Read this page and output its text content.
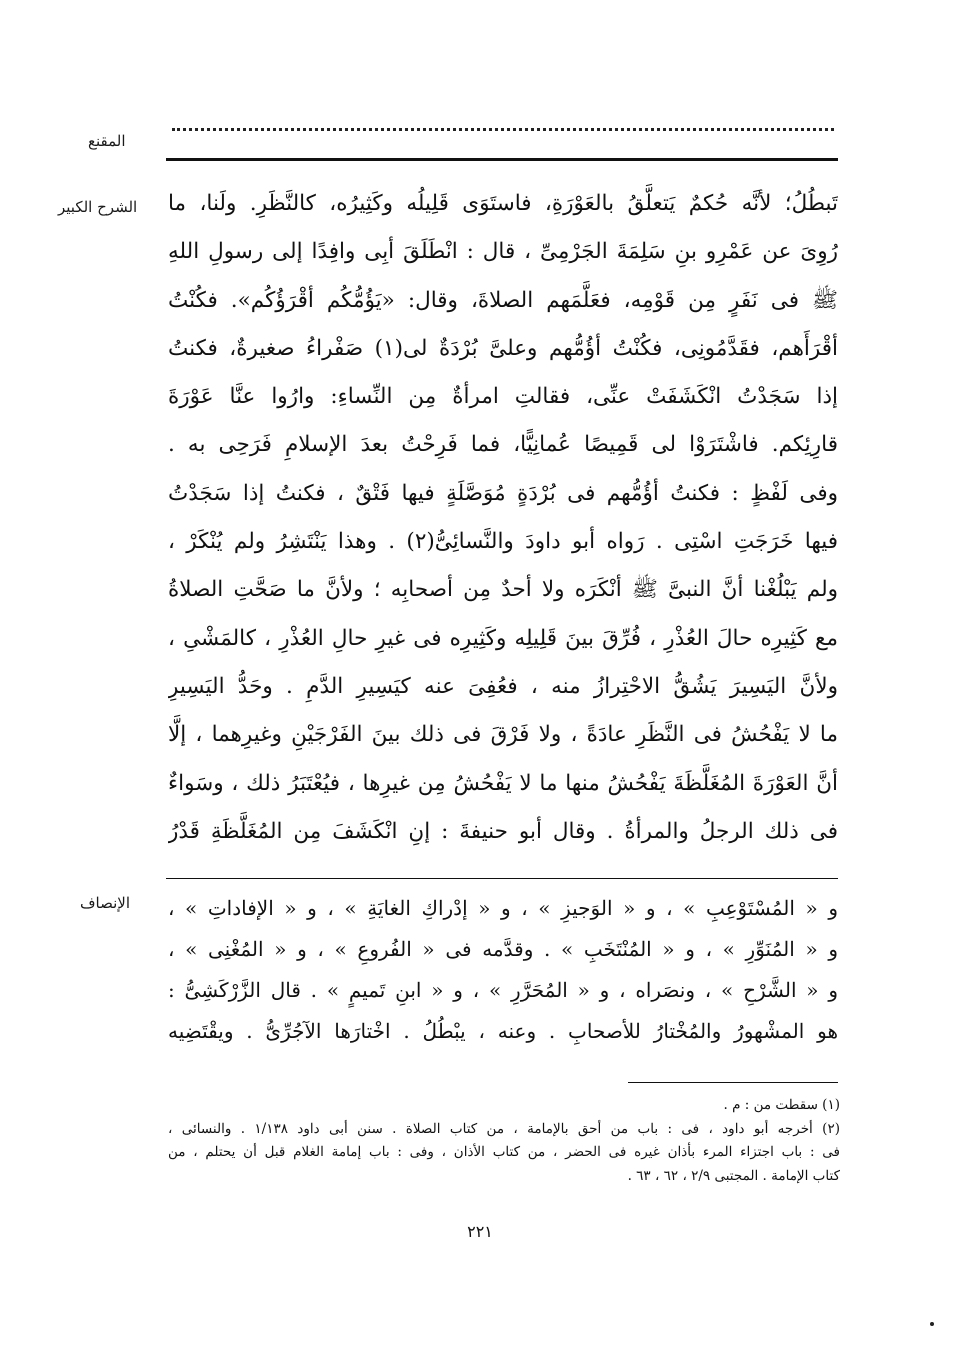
المقنع
الشرح الكبير تَبطُلُ؛ لأنَّه حُكمٌ يَتعلَّقُ بالعَوْرَةِ، فاستَوَى قَلِيلُه وكَثِيرُه، كالنَّظَرِ. ولَنا، ما
رُوِىَ عن عَمْرِو بنِ سَلِمَةَ الجَرْمِىِّ ، قال : انْطَلَقَ أبِى وافِدًا إلى رسولِ اللهِ
ﷺ فى نَفَرٍ مِن قَوْمِه، فعَلَّمَهم الصلاةَ، وقال: «يَؤُمُّكُم أقْرَؤُكُم». فكُنْتُ
أقْرَأَهم، فقَدَّمُونِى، فكُنْتُ أؤُمُّهم وعلىَّ بُرْدَةٌ لى(١) صَفْراءُ صغيرةٌ، فكنتُ
إذا سَجَدْتُ انْكَشَفَتْ عنِّى، فقالتِ امرأةٌ مِن النِّساءِ: وارُوا عنَّا عَوْرَةَ
قارِئِكم. فاشْتَرَوْا لى قَمِيصًا عُمانِيًّا، فما فَرِحْتُ بعدَ الإسلامِ فَرَحِى به .
وفى لَفْظٍ : فكنتُ أؤُمُّهم فى بُرْدَةٍ مُوَصَّلَةٍ فيها فَتْقٌ ، فكنتُ إذا سَجَدْتُ
فيها خَرَجَتِ اسْتِى . رَواه أبو داودَ والنَّسائِىُّ(٢) . وهذا يَنْتَشِرُ ولم يُنْكَرْ ،
ولم يَبْلُغْنا أنَّ النبىَّ ﷺ أنْكَرَه ولا أحدٌ مِن أصحابِه ؛ ولأنَّ ما صَحَّتِ الصلاةُ
مع كَثِيرِه حالَ العُذْرِ ، فُرِّقَ بينَ قَلِيلِه وكَثِيرِه فى غيرِ حالِ العُذْرِ ، كالمَشْىِ ،
ولأنَّ اليَسِيرَ يَشُقُّ الاحْتِرازُ منه ، فعُفِىَ عنه كيَسِيرِ الدَّمِ . وحَدُّ اليَسِيرِ
ما لا يَفْحُشُ فى النَّظَرِ عادَةً ، ولا فَرْقَ فى ذلك بينَ الفَرْجَيْنِ وغيرِهما ، إلَّا
أنَّ العَوْرَةَ المُغَلَّظَةَ يَفْحُشُ منها ما لا يَفْحُشُ مِن غيرِها ، فيُعْتَبَرُ ذلك ، وسَواءٌ
فى ذلك الرجلُ والمرأةُ . وقال أبو حنيفةَ : إنِ انْكَشَفَ مِن المُغَلَّظَةِ قَدْرُ
الإنصاف و « المُسْتَوْعِبِ » ، و « الوَجيزِ » ، و « إدْراكِ الغايَةِ » ، و « الإفاداتِ » ،
و « المُنَوِّرِ » ، و « المُنْتَخَبِ » . وقدَّمه فى « الفُروعِ » ، و « المُغْنِى » ،
و « الشَّرْحِ » ، ونصَراه ، و « المُحَرَّرِ » ، و « ابنِ تَميمٍ » . قال الزَّرْكَشِىُّ :
هو المشْهورُ والمُخْتارُ للأصحابِ . وعنه ، يبْطُلُ . اخْتارَها الآجُرِّىُّ . ويقْتَضِيه
(١) سقطت من : م .
(٢) أخرجه أبو داود ، فى : باب من أحق بالإمامة ، من كتاب الصلاة . سنن أبى داود ١/١٣٨ . والنسائى ،
فى : باب اجتزاء المرء بأذان غيره فى الحضر ، من كتاب الأذان ، وفى : باب إمامة الغلام قبل أن يحتلم ، من
كتاب الإمامة . المجتبى ٢/٩ ، ٦٢ ، ٦٣ .
٢٢١
